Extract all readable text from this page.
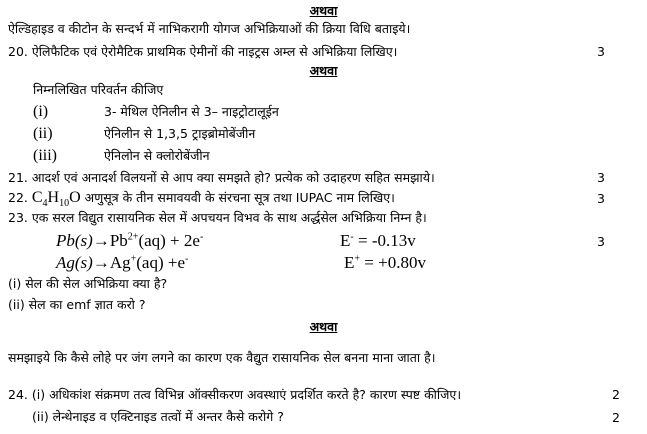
अथवा
ऐल्डिहाइड व कीटोन के सन्दर्भ में नाभिकरागी योगज अभिक्रियाओं की क्रिया विधि बताइये।
20. ऐलिफैटिक एवं ऐरोमैटिक प्राथमिक ऐमीनों की नाइट्रस अम्ल से अभिक्रिया लिखिए।	3
अथवा
निम्नलिखित परिवर्तन कीजिए
(i)	3- मेथिल ऐनिलीन से 3– नाइट्रोटालूईन
(ii)	ऐनिलीन से 1,3,5 ट्राइब्रोमोबेंजीन
(iii)	ऐनिलोन से क्लोरोबेंजीन
21. आदर्श एवं अनादर्श विलयनों से आप क्या समझते हो? प्रत्येक को उदाहरण सहित समझाये।	3
22. $C_4H_{10}O$ अणुसूत्र के तीन समावयवी के संरचना सूत्र तथा IUPAC नाम लिखिए।	3
23. एक सरल विद्युत रासायनिक सेल में अपचयन विभव के साथ अर्द्धसेल अभिक्रिया निम्न है।
$Pb(s)\to Pb^{2+}(aq) + 2e^-$	E- = -0.13v	3
Ag(s)→Ag+(aq) +e-	E+ = +0.80v
(i) सेल की सेल अभिक्रिया क्या है?
(ii) सेल का emf ज्ञात करो ?
अथवा
समझाइये कि कैसे लोहे पर जंग लगने का कारण एक वैद्युत रासायनिक सेल बनना माना जाता है।
24. (i) अधिकांश संक्रमण तत्व विभिन्न ऑक्सीकरण अवस्थाएं प्रदर्शित करते है? कारण स्पष्ट कीजिए।	2
(ii) लेन्थेनाइड व एक्टिनाइड तत्वों में अन्तर कैसे करोगे ?	2
